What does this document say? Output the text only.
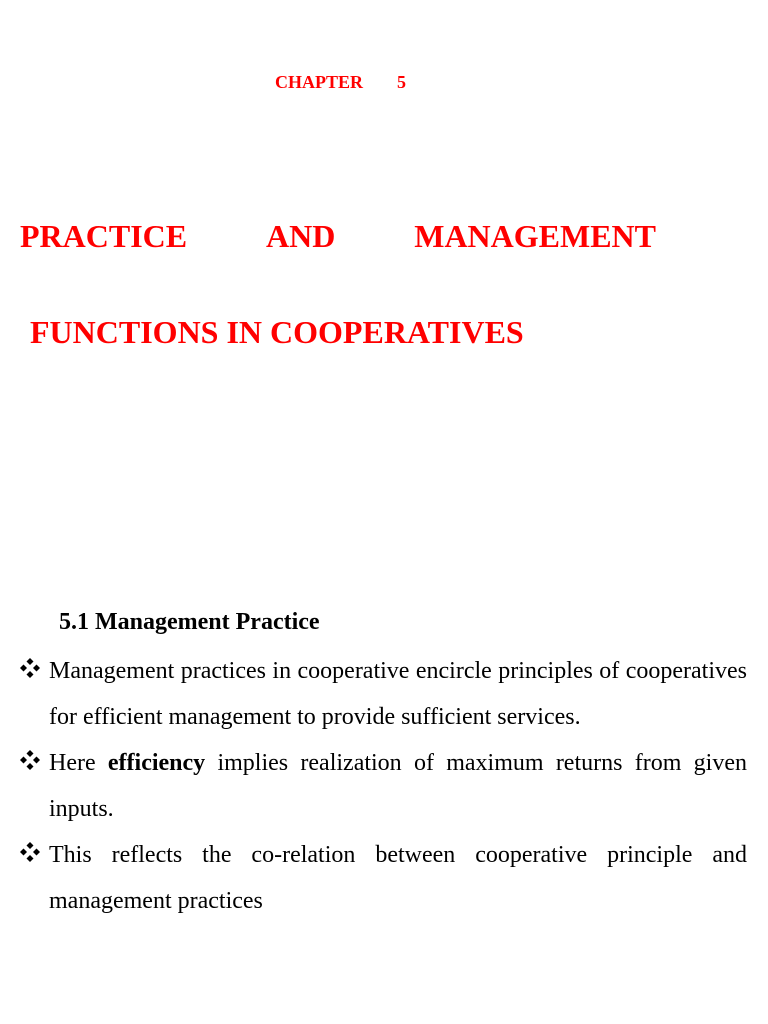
CHAPTER 5
PRACTICE AND MANAGEMENT
FUNCTIONS IN COOPERATIVES
5.1 Management Practice
Management practices in cooperative encircle principles of cooperatives for efficient management to provide sufficient services.
Here efficiency implies realization of maximum returns from given inputs.
This reflects the co-relation between cooperative principle and management practices
